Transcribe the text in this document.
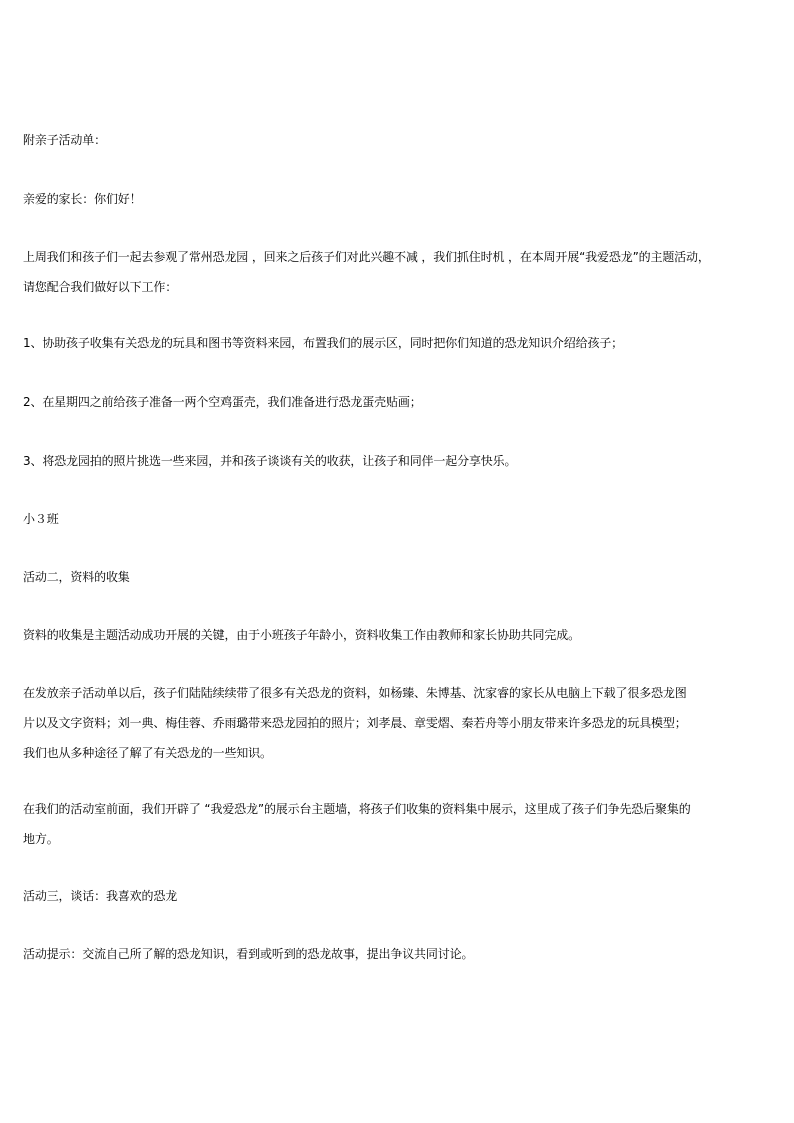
附亲子活动单：
亲爱的家长：你们好！
上周我们和孩子们一起去参观了常州恐龙园 ，回来之后孩子们对此兴趣不减 ，我们抓住时机 ，在本周开展“我爱恐龙”的主题活动，
请您配合我们做好以下工作：
1、协助孩子收集有关恐龙的玩具和图书等资料来园，布置我们的展示区，同时把你们知道的恐龙知识介绍给孩子；
2、在星期四之前给孩子准备一两个空鸡蛋壳，我们准备进行恐龙蛋壳贴画；
3、将恐龙园拍的照片挑选一些来园，并和孩子谈谈有关的收获，让孩子和同伴一起分享快乐。
小３班
活动二，资料的收集
资料的收集是主题活动成功开展的关键，由于小班孩子年龄小，资料收集工作由教师和家长协助共同完成。
在发放亲子活动单以后，孩子们陆陆续续带了很多有关恐龙的资料，如杨臻、朱博基、沈家睿的家长从电脑上下载了很多恐龙图
片以及文字资料；刘一典、梅佳蓉、乔雨璐带来恐龙园拍的照片；刘孝晨、章雯熠、秦若舟等小朋友带来许多恐龙的玩具模型；
我们也从多种途径了解了有关恐龙的一些知识。
在我们的活动室前面，我们开辟了 “我爱恐龙”的展示台主题墙，将孩子们收集的资料集中展示，这里成了孩子们争先恐后聚集的
地方。
活动三，谈话：我喜欢的恐龙
活动提示：交流自己所了解的恐龙知识，看到或听到的恐龙故事，提出争议共同讨论。
